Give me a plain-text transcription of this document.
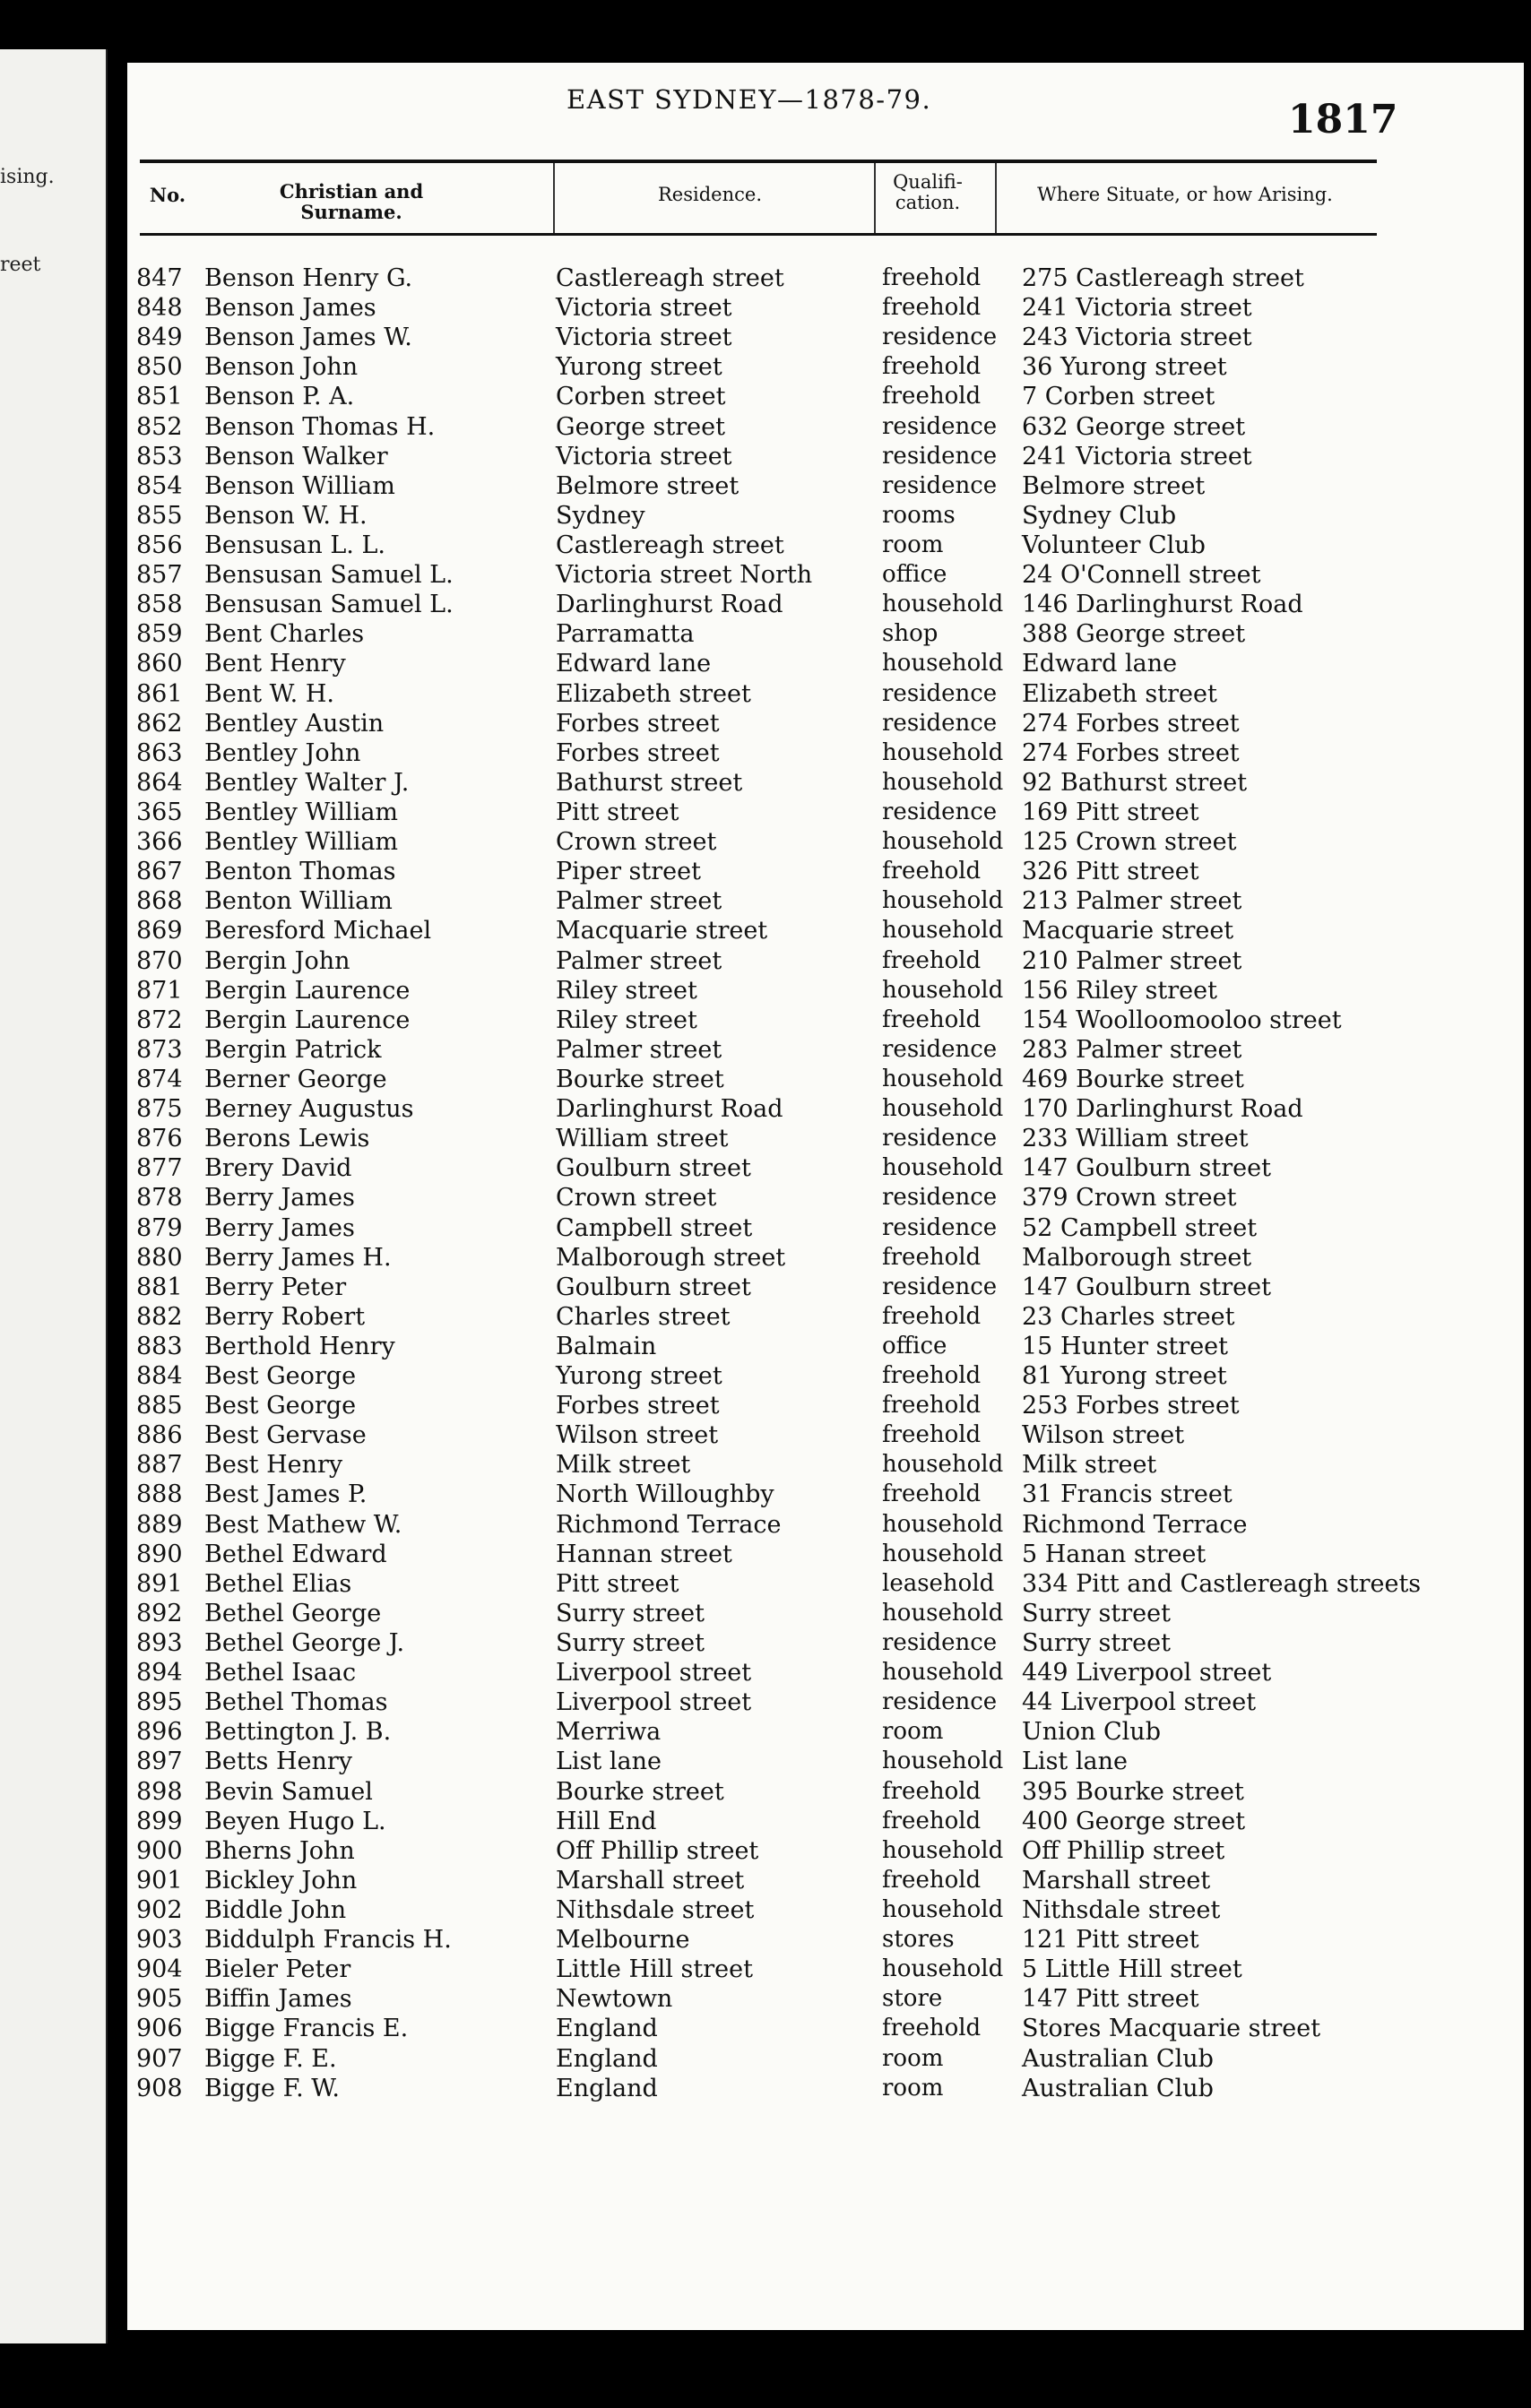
ising.
reet
EAST SYDNEY—1878-79.	1817
No.	Christian and Surname.
Residence.
Qualifi-cation.	Where Situate, or how Arising.
847 Benson Henry G.	Castlereagh street	freehold 275 Castlereagh street
848 Benson James	Victoria street	freehold 241 Victoria street
849 Benson James W.	Victoria street	residence 243 Victoria street
850 Benson John	Yurong street	freehold 36 Yurong street
851 Benson P. A.	Corben street	freehold 7 Corben street
852 Benson Thomas H.	George street	residence 632 George street
853 Benson Walker	Victoria street	residence 241 Victoria street
854 Benson William	Belmore street	residence Belmore street
855 Benson W. H.	Sydney	rooms	Sydney Club
856 Bensusan L. L.	Castlereagh street	room	Volunteer Club
857 Bensusan Samuel L.	Victoria street North	office	24 O'Connell street
858 Bensusan Samuel L.	Darlinghurst Road	household 146 Darlinghurst Road
859 Bent Charles	Parramatta	shop	388 George street
860 Bent Henry	Edward lane	household Edward lane
861 Bent W. H.	Elizabeth street	residence Elizabeth street
862 Bentley Austin	Forbes street	residence 274 Forbes street
863 Bentley John	Forbes street	household 274 Forbes street
864 Bentley Walter J.	Bathurst street	household 92 Bathurst street
365 Bentley William	Pitt street	residence 169 Pitt street
366 Bentley William	Crown street	household 125 Crown street
867 Benton Thomas	Piper street	freehold 326 Pitt street
868 Benton William	Palmer street	household 213 Palmer street
869 Beresford Michael	Macquarie street	household Macquarie street
870 Bergin John	Palmer street	freehold 210 Palmer street
871 Bergin Laurence	Riley street	household 156 Riley street
872 Bergin Laurence	Riley street	freehold 154 Woolloomooloo street
873 Bergin Patrick	Palmer street	residence 283 Palmer street
874 Berner George	Bourke street	household 469 Bourke street
875 Berney Augustus	Darlinghurst Road	household 170 Darlinghurst Road
876 Berons Lewis	William street	residence 233 William street
877 Brery David	Goulburn street	household 147 Goulburn street
878 Berry James	Crown street	residence 379 Crown street
879 Berry James	Campbell street	residence 52 Campbell street
880 Berry James H.	Malborough street	freehold Malborough street
881 Berry Peter	Goulburn street	residence 147 Goulburn street
882 Berry Robert	Charles street	freehold 23 Charles street
883 Berthold Henry	Balmain	office	15 Hunter street
884 Best George	Yurong street	freehold 81 Yurong street
885 Best George	Forbes street	freehold 253 Forbes street
886 Best Gervase	Wilson street	freehold Wilson street
887 Best Henry	Milk street	household Milk street
888 Best James P.	North Willoughby	freehold 31 Francis street
889 Best Mathew W.	Richmond Terrace	household Richmond Terrace
890 Bethel Edward	Hannan street	household 5 Hanan street
891 Bethel Elias	Pitt street	leasehold 334 Pitt and Castlereagh streets
892 Bethel George	Surry street	household Surry street
893 Bethel George J.	Surry street	residence Surry street
894 Bethel Isaac	Liverpool street	household 449 Liverpool street
895 Bethel Thomas	Liverpool street	residence 44 Liverpool street
896 Bettington J. B.	Merriwa	room	Union Club
897 Betts Henry	List lane	household List lane
898 Bevin Samuel	Bourke street	freehold 395 Bourke street
899 Beyen Hugo L.	Hill End	freehold 400 George street
900 Bherns John	Off Phillip street	household Off Phillip street
901 Bickley John	Marshall street	freehold Marshall street
902 Biddle John	Nithsdale street	household Nithsdale street
903 Biddulph Francis H.	Melbourne	stores	121 Pitt street
904 Bieler Peter	Little Hill street	household 5 Little Hill street
905 Biffin James	Newtown	store	147 Pitt street
906 Bigge Francis E.	England	freehold Stores Macquarie street
907 Bigge F. E.	England	room	Australian Club
908 Bigge F. W.	England	room	Australian Club
